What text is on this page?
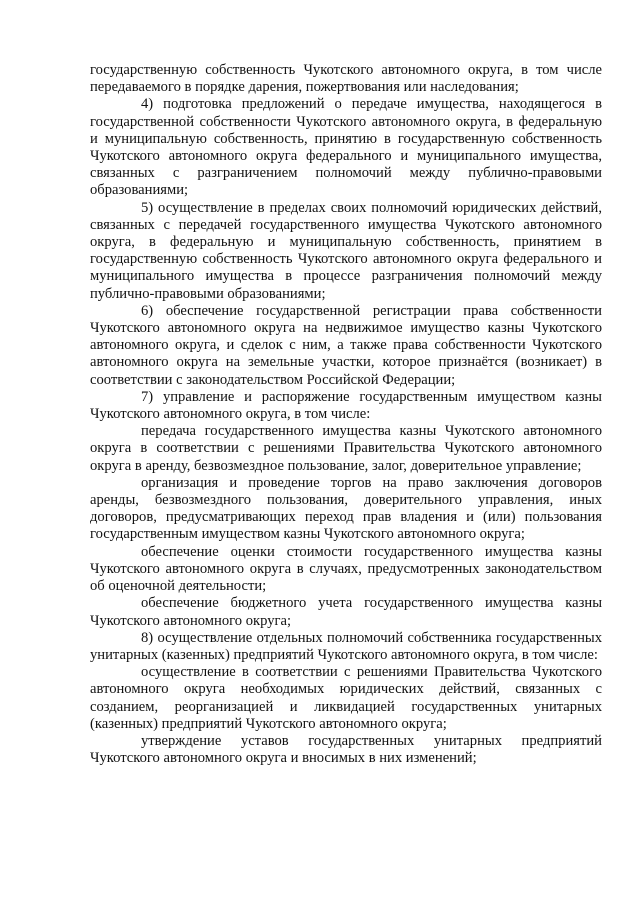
государственную собственность Чукотского автономного округа, в том числе передаваемого в порядке дарения, пожертвования или наследования;

4) подготовка предложений о передаче имущества, находящегося в государственной собственности Чукотского автономного округа, в федеральную и муниципальную собственность, принятию в государственную собственность Чукотского автономного округа федерального и муниципального имущества, связанных с разграничением полномочий между публично-правовыми образованиями;

5) осуществление в пределах своих полномочий юридических действий, связанных с передачей государственного имущества Чукотского автономного округа, в федеральную и муниципальную собственность, принятием в государственную собственность Чукотского автономного округа федерального и муниципального имущества в процессе разграничения полномочий между публично-правовыми образованиями;

6) обеспечение государственной регистрации права собственности Чукотского автономного округа на недвижимое имущество казны Чукотского автономного округа, и сделок с ним, а также права собственности Чукотского автономного округа на земельные участки, которое признаётся (возникает) в соответствии с законодательством Российской Федерации;

7) управление и распоряжение государственным имуществом казны Чукотского автономного округа, в том числе:

передача государственного имущества казны Чукотского автономного округа в соответствии с решениями Правительства Чукотского автономного округа в аренду, безвозмездное пользование, залог, доверительное управление;

организация и проведение торгов на право заключения договоров аренды, безвозмездного пользования, доверительного управления, иных договоров, предусматривающих переход прав владения и (или) пользования государственным имуществом казны Чукотского автономного округа;

обеспечение оценки стоимости государственного имущества казны Чукотского автономного округа в случаях, предусмотренных законодательством об оценочной деятельности;

обеспечение бюджетного учета государственного имущества казны Чукотского автономного округа;

8) осуществление отдельных полномочий собственника государственных унитарных (казенных) предприятий Чукотского автономного округа, в том числе:

осуществление в соответствии с решениями Правительства Чукотского автономного округа необходимых юридических действий, связанных с созданием, реорганизацией и ликвидацией государственных унитарных (казенных) предприятий Чукотского автономного округа;

утверждение уставов государственных унитарных предприятий Чукотского автономного округа и вносимых в них изменений;
